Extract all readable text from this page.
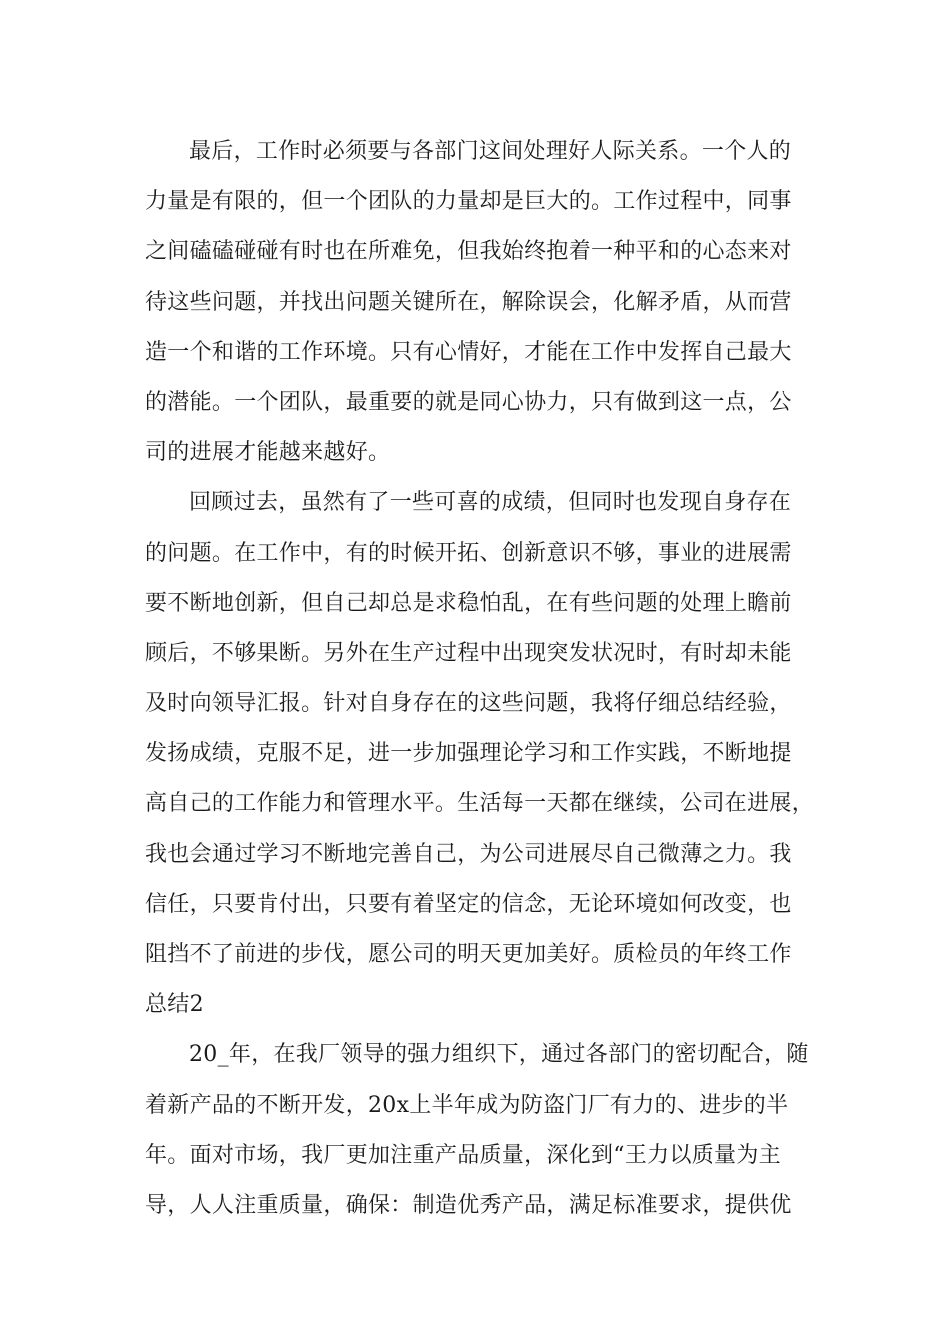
最后，工作时必须要与各部门这间处理好人际关系。一个人的
力量是有限的，但一个团队的力量却是巨大的。工作过程中，同事
之间磕磕碰碰有时也在所难免，但我始终抱着一种平和的心态来对
待这些问题，并找出问题关键所在，解除误会，化解矛盾，从而营
造一个和谐的工作环境。只有心情好，才能在工作中发挥自己最大
的潜能。一个团队，最重要的就是同心协力，只有做到这一点，公
司的进展才能越来越好。
回顾过去，虽然有了一些可喜的成绩，但同时也发现自身存在
的问题。在工作中，有的时候开拓、创新意识不够，事业的进展需
要不断地创新，但自己却总是求稳怕乱，在有些问题的处理上瞻前
顾后，不够果断。另外在生产过程中出现突发状况时，有时却未能
及时向领导汇报。针对自身存在的这些问题，我将仔细总结经验，
发扬成绩，克服不足，进一步加强理论学习和工作实践，不断地提
高自己的工作能力和管理水平。生活每一天都在继续，公司在进展，
我也会通过学习不断地完善自己，为公司进展尽自己微薄之力。我
信任，只要肯付出，只要有着坚定的信念，无论环境如何改变，也
阻挡不了前进的步伐，愿公司的明天更加美好。质检员的年终工作
总结2
20_年，在我厂领导的强力组织下，通过各部门的密切配合，随
着新产品的不断开发，20x上半年成为防盗门厂有力的、进步的半
年。面对市场，我厂更加注重产品质量，深化到“王力以质量为主
导，人人注重质量，确保：制造优秀产品，满足标准要求，提供优
